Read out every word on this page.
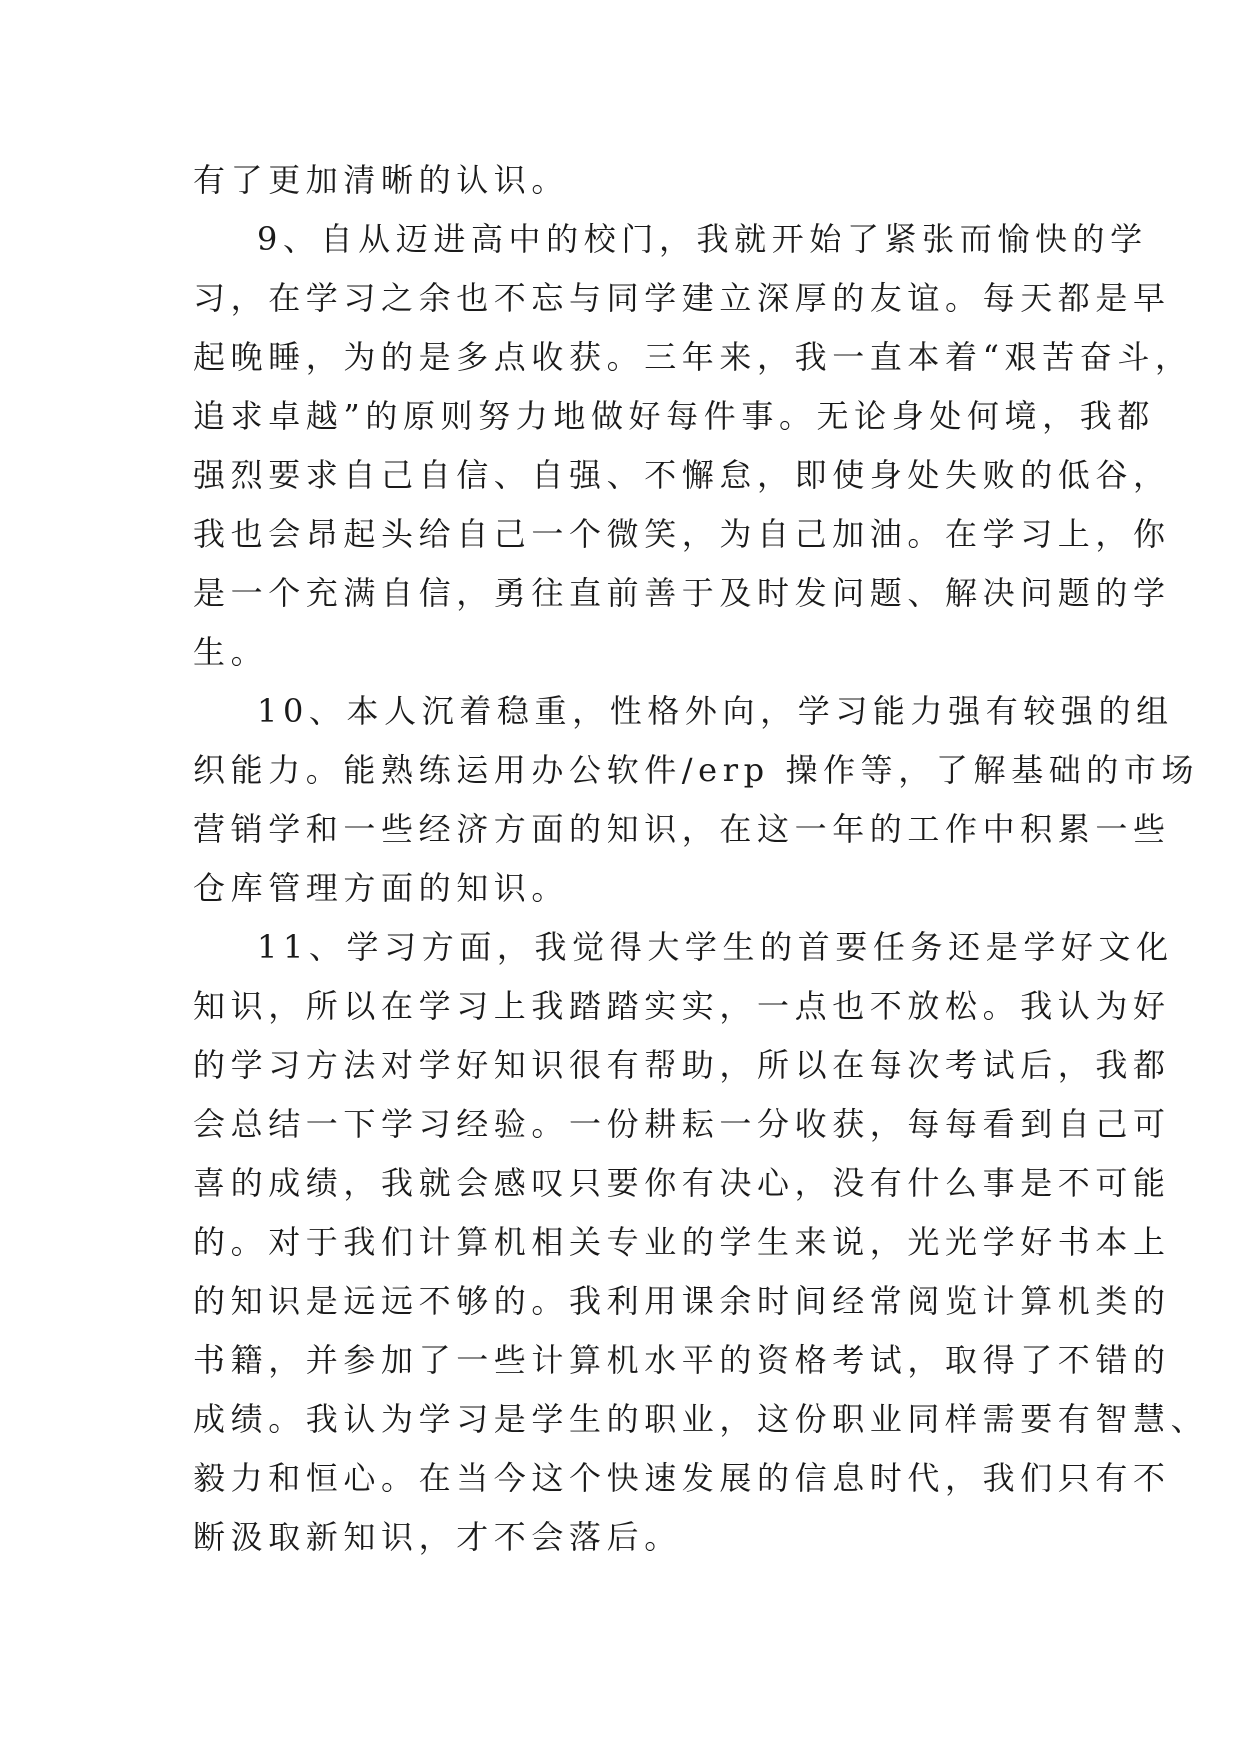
有了更加清晰的认识。
9、自从迈进高中的校门，我就开始了紧张而愉快的学
习，在学习之余也不忘与同学建立深厚的友谊。每天都是早
起晚睡，为的是多点收获。三年来，我一直本着“艰苦奋斗，
追求卓越”的原则努力地做好每件事。无论身处何境，我都
强烈要求自己自信、自强、不懈怠，即使身处失败的低谷，
我也会昂起头给自己一个微笑，为自己加油。在学习上，你
是一个充满自信，勇往直前善于及时发问题、解决问题的学
生。
10、本人沉着稳重，性格外向，学习能力强有较强的组
织能力。能熟练运用办公软件/erp 操作等，了解基础的市场
营销学和一些经济方面的知识，在这一年的工作中积累一些
仓库管理方面的知识。
11、学习方面，我觉得大学生的首要任务还是学好文化
知识，所以在学习上我踏踏实实，一点也不放松。我认为好
的学习方法对学好知识很有帮助，所以在每次考试后，我都
会总结一下学习经验。一份耕耘一分收获，每每看到自己可
喜的成绩，我就会感叹只要你有决心，没有什么事是不可能
的。对于我们计算机相关专业的学生来说，光光学好书本上
的知识是远远不够的。我利用课余时间经常阅览计算机类的
书籍，并参加了一些计算机水平的资格考试，取得了不错的
成绩。我认为学习是学生的职业，这份职业同样需要有智慧、
毅力和恒心。在当今这个快速发展的信息时代，我们只有不
断汲取新知识，才不会落后。
